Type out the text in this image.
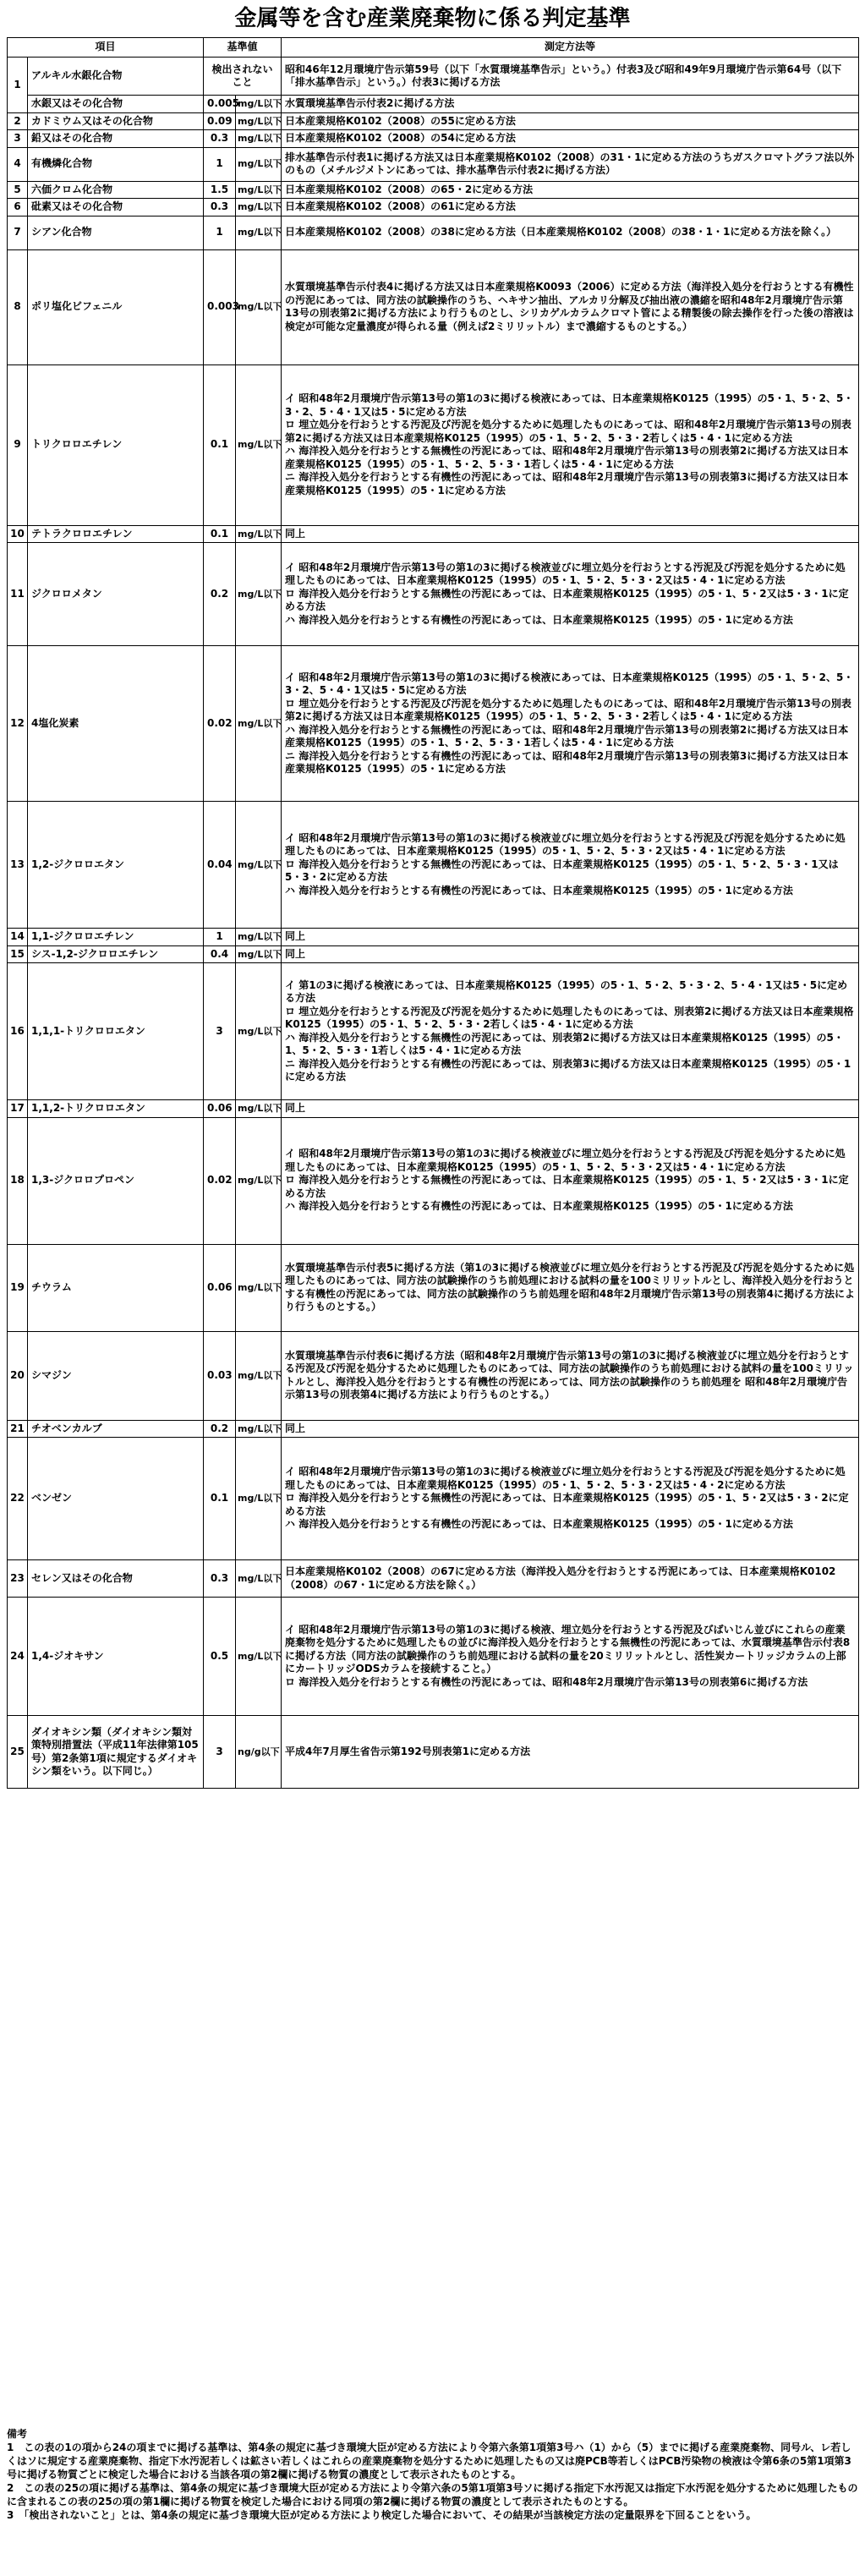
金属等を含む産業廃棄物に係る判定基準
項目		基準値		測定方法等
1	アルキル水銀化合物	検出されないこと		昭和46年12月環境庁告示第59号（以下「水質環境基準告示」という。）付表3及び昭和49年9月環境庁告示第64号（以下「排水基準告示」という。）付表3に掲げる方法
	水銀又はその化合物	0.005	mg/L以下	水質環境基準告示付表2に掲げる方法
2	カドミウム又はその化合物	0.09	mg/L以下	日本産業規格K0102（2008）の55に定める方法
3	鉛又はその化合物	0.3	mg/L以下	日本産業規格K0102（2008）の54に定める方法
4	有機燐化合物	1	mg/L以下	排水基準告示付表1に掲げる方法又は日本産業規格K0102（2008）の31・1に定める方法のうちガスクロマトグラフ法以外のもの（メチルジメトンにあっては、排水基準告示付表2に掲げる方法）
5	六価クロム化合物	1.5	mg/L以下	日本産業規格K0102（2008）の65・2に定める方法
6	砒素又はその化合物	0.3	mg/L以下	日本産業規格K0102（2008）の61に定める方法
7	シアン化合物	1	mg/L以下	日本産業規格K0102（2008）の38に定める方法（日本産業規格K0102（2008）の38・1・1に定める方法を除く。）
8	ポリ塩化ビフェニル	0.003	mg/L以下	水質環境基準告示付表4に掲げる方法又は日本産業規格K0093（2006）に定める方法（海洋投入処分を行おうとする有機性の汚泥にあっては、同方法の試験操作のうち、ヘキサン抽出、アルカリ分解及び抽出液の濃縮を昭和48年2月環境庁告示第13号の別表第2に掲げる方法により行うものとし、シリカゲルカラムクロマト管による精製後の除去操作を行った後の溶液は検定が可能な定量濃度が得られる量（例えば2ミリリットル）まで濃縮するものとする。）
9	トリクロロエチレン	0.1	mg/L以下	イ 昭和48年2月環境庁告示第13号の第1の3に掲げる検液にあっては、日本産業規格K0125（1995）の5・1、5・2、5・3・2、5・4・1又は5・5に定める方法
ロ 埋立処分を行おうとする汚泥及び汚泥を処分するために処理したものにあっては、昭和48年2月環境庁告示第13号の別表第2に掲げる方法又は日本産業規格K0125（1995）の5・1、5・2、5・3・2若しくは5・4・1に定める方法
ハ 海洋投入処分を行おうとする無機性の汚泥にあっては、昭和48年2月環境庁告示第13号の別表第2に掲げる方法又は日本産業規格K0125（1995）の5・1、5・2、5・3・1若しくは5・4・1に定める方法
ニ 海洋投入処分を行おうとする有機性の汚泥にあっては、昭和48年2月環境庁告示第13号の別表第3に掲げる方法又は日本産業規格K0125（1995）の5・1に定める方法
10	テトラクロロエチレン	0.1	mg/L以下	同上
11	ジクロロメタン	0.2	mg/L以下	イ 昭和48年2月環境庁告示第13号の第1の3に掲げる検液並びに埋立処分を行おうとする汚泥及び汚泥を処分するために処理したものにあっては、日本産業規格K0125（1995）の5・1、5・2、5・3・2又は5・4・1に定める方法
ロ 海洋投入処分を行おうとする無機性の汚泥にあっては、日本産業規格K0125（1995）の5・1、5・2又は5・3・1に定める方法
ハ 海洋投入処分を行おうとする有機性の汚泥にあっては、日本産業規格K0125（1995）の5・1に定める方法
12	4塩化炭素	0.02	mg/L以下	イ 昭和48年2月環境庁告示第13号の第1の3に掲げる検液にあっては、日本産業規格K0125（1995）の5・1、5・2、5・3・2、5・4・1又は5・5に定める方法
ロ 埋立処分を行おうとする汚泥及び汚泥を処分するために処理したものにあっては、昭和48年2月環境庁告示第13号の別表第2に掲げる方法又は日本産業規格K0125（1995）の5・1、5・2、5・3・2若しくは5・4・1に定める方法
ハ 海洋投入処分を行おうとする無機性の汚泥にあっては、昭和48年2月環境庁告示第13号の別表第2に掲げる方法又は日本産業規格K0125（1995）の5・1、5・2、5・3・1若しくは5・4・1に定める方法
ニ 海洋投入処分を行おうとする有機性の汚泥にあっては、昭和48年2月環境庁告示第13号の別表第3に掲げる方法又は日本産業規格K0125（1995）の5・1に定める方法
13	1,2-ジクロロエタン	0.04	mg/L以下	イ 昭和48年2月環境庁告示第13号の第1の3に掲げる検液並びに埋立処分を行おうとする汚泥及び汚泥を処分するために処理したものにあっては、日本産業規格K0125（1995）の5・1、5・2、5・3・2又は5・4・1に定める方法
ロ 海洋投入処分を行おうとする無機性の汚泥にあっては、日本産業規格K0125（1995）の5・1、5・2、5・3・1又は5・3・2に定める方法
ハ 海洋投入処分を行おうとする有機性の汚泥にあっては、日本産業規格K0125（1995）の5・1に定める方法
14	1,1-ジクロロエチレン	1	mg/L以下	同上
15	シス-1,2-ジクロロエチレン	0.4	mg/L以下	同上
16	1,1,1-トリクロロエタン	3	mg/L以下	イ 第1の3に掲げる検液にあっては、日本産業規格K0125（1995）の5・1、5・2、5・3・2、5・4・1又は5・5に定める方法
ロ 埋立処分を行おうとする汚泥及び汚泥を処分するために処理したものにあっては、別表第2に掲げる方法又は日本産業規格K0125（1995）の5・1、5・2、5・3・2若しくは5・4・1に定める方法
ハ 海洋投入処分を行おうとする無機性の汚泥にあっては、別表第2に掲げる方法又は日本産業規格K0125（1995）の5・1、5・2、5・3・1若しくは5・4・1に定める方法
ニ 海洋投入処分を行おうとする有機性の汚泥にあっては、別表第3に掲げる方法又は日本産業規格K0125（1995）の5・1に定める方法
17	1,1,2-トリクロロエタン	0.06	mg/L以下	同上
18	1,3-ジクロロプロペン	0.02	mg/L以下	イ 昭和48年2月環境庁告示第13号の第1の3に掲げる検液並びに埋立処分を行おうとする汚泥及び汚泥を処分するために処理したものにあっては、日本産業規格K0125（1995）の5・1、5・2、5・3・2又は5・4・1に定める方法
ロ 海洋投入処分を行おうとする無機性の汚泥にあっては、日本産業規格K0125（1995）の5・1、5・2又は5・3・1に定める方法
ハ 海洋投入処分を行おうとする有機性の汚泥にあっては、日本産業規格K0125（1995）の5・1に定める方法
19	チウラム	0.06	mg/L以下	水質環境基準告示付表5に掲げる方法（第1の3に掲げる検液並びに埋立処分を行おうとする汚泥及び汚泥を処分するために処理したものにあっては、同方法の試験操作のうち前処理における試料の量を100ミリリットルとし、海洋投入処分を行おうとする有機性の汚泥にあっては、同方法の試験操作のうち前処理を昭和48年2月環境庁告示第13号の別表第4に掲げる方法により行うものとする。）
20	シマジン	0.03	mg/L以下	水質環境基準告示付表6に掲げる方法（昭和48年2月環境庁告示第13号の第1の3に掲げる検液並びに埋立処分を行おうとする汚泥及び汚泥を処分するために処理したものにあっては、同方法の試験操作のうち前処理における試料の量を100ミリリットルとし、海洋投入処分を行おうとする有機性の汚泥にあっては、同方法の試験操作のうち前処理を 昭和48年2月環境庁告示第13号の別表第4に掲げる方法により行うものとする。）
21	チオベンカルブ	0.2	mg/L以下	同上
22	ベンゼン	0.1	mg/L以下	イ 昭和48年2月環境庁告示第13号の第1の3に掲げる検液並びに埋立処分を行おうとする汚泥及び汚泥を処分するために処理したものにあっては、日本産業規格K0125（1995）の5・1、5・2、5・3・2又は5・4・2に定める方法
ロ 海洋投入処分を行おうとする無機性の汚泥にあっては、日本産業規格K0125（1995）の5・1、5・2又は5・3・2に定める方法
ハ 海洋投入処分を行おうとする有機性の汚泥にあっては、日本産業規格K0125（1995）の5・1に定める方法
23	セレン又はその化合物	0.3	mg/L以下	日本産業規格K0102（2008）の67に定める方法（海洋投入処分を行おうとする汚泥にあっては、日本産業規格K0102（2008）の67・1に定める方法を除く。）
24	1,4-ジオキサン	0.5	mg/L以下	イ 昭和48年2月環境庁告示第13号の第1の3に掲げる検液、埋立処分を行おうとする汚泥及びばいじん並びにこれらの産業廃棄物を処分するために処理したもの並びに海洋投入処分を行おうとする無機性の汚泥にあっては、水質環境基準告示付表8に掲げる方法（同方法の試験操作のうち前処理における試料の量を20ミリリットルとし、活性炭カートリッジカラムの上部にカートリッジODSカラムを接続すること。）
ロ 海洋投入処分を行おうとする有機性の汚泥にあっては、昭和48年2月環境庁告示第13号の別表第6に掲げる方法
25	ダイオキシン類（ダイオキシン類対策特別措置法（平成11年法律第105号）第2条第1項に規定するダイオキシン類をいう。以下同じ。）	3	ng/g以下	平成4年7月厚生省告示第192号別表第1に定める方法
備考
1　この表の1の項から24の項までに掲げる基準は、第4条の規定に基づき環境大臣が定める方法により令第六条第1項第3号ハ（1）から（5）までに掲げる産業廃棄物、同号ル、レ若しくはソに規定する産業廃棄物、指定下水汚泥若しくは鉱さい若しくはこれらの産業廃棄物を処分するために処理したもの又は廃PCB等若しくはPCB汚染物の検液は令第6条の5第1項第3号に掲げる物質ごとに検定した場合における当該各項の第2欄に掲げる物質の濃度として表示されたものとする。
2　この表の25の項に掲げる基準は、第4条の規定に基づき環境大臣が定める方法により令第六条の5第1項第3号ソに掲げる指定下水汚泥又は指定下水汚泥を処分するために処理したものに含まれるこの表の25の項の第1欄に掲げる物質を検定した場合における同項の第2欄に掲げる物質の濃度として表示されたものとする。
3　「検出されないこと」とは、第4条の規定に基づき環境大臣が定める方法により検定した場合において、その結果が当該検定方法の定量限界を下回ることをいう。
